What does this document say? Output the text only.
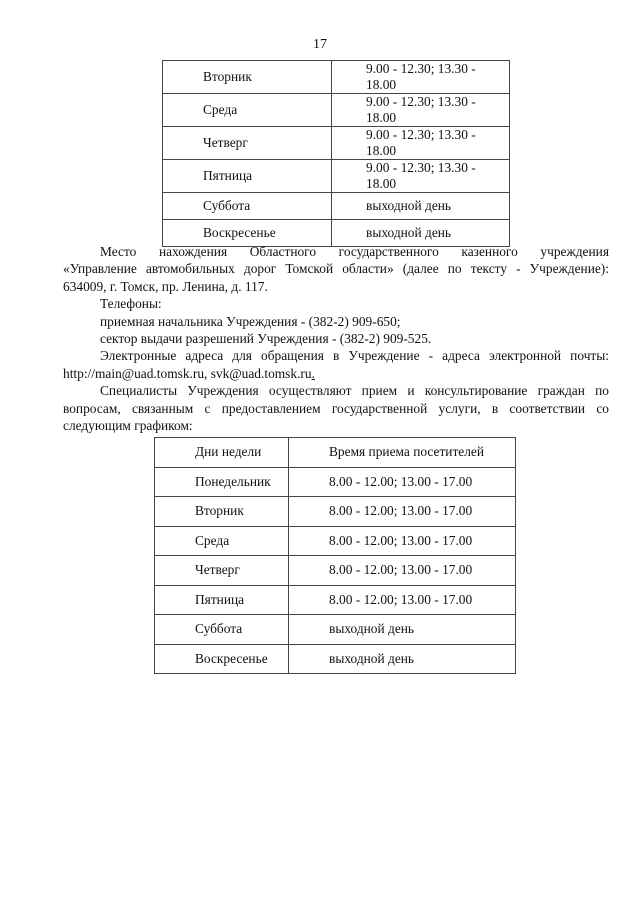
17
Вторник	9.00 - 12.30; 13.30 - 18.00
Среда	9.00 - 12.30; 13.30 - 18.00
Четверг	9.00 - 12.30; 13.30 - 18.00
Пятница	9.00 - 12.30; 13.30 - 18.00
Суббота	выходной день
Воскресенье	выходной день

Место нахождения Областного государственного казенного учреждения

«Управление автомобильных дорог Томской области» (далее по тексту - Учреждение):

634009, г. Томск, пр. Ленина, д. 117.

Телефоны:

приемная начальника Учреждения - (382-2) 909-650;

сектор выдачи разрешений Учреждения - (382-2) 909-525.

Электронные адреса для обращения в Учреждение - адреса электронной почты:

http://main@uad.tomsk.ru, svk@uad.tomsk.ru.

Специалисты Учреждения осуществляют прием и консультирование граждан по

вопросам, связанным с предоставлением государственной услуги, в соответствии со

следующим графиком:

Дни недели	Время приема посетителей
Понедельник	8.00 - 12.00; 13.00 - 17.00
Вторник	8.00 - 12.00; 13.00 - 17.00
Среда	8.00 - 12.00; 13.00 - 17.00
Четверг	8.00 - 12.00; 13.00 - 17.00
Пятница	8.00 - 12.00; 13.00 - 17.00
Суббота	выходной день
Воскресенье	выходной день
